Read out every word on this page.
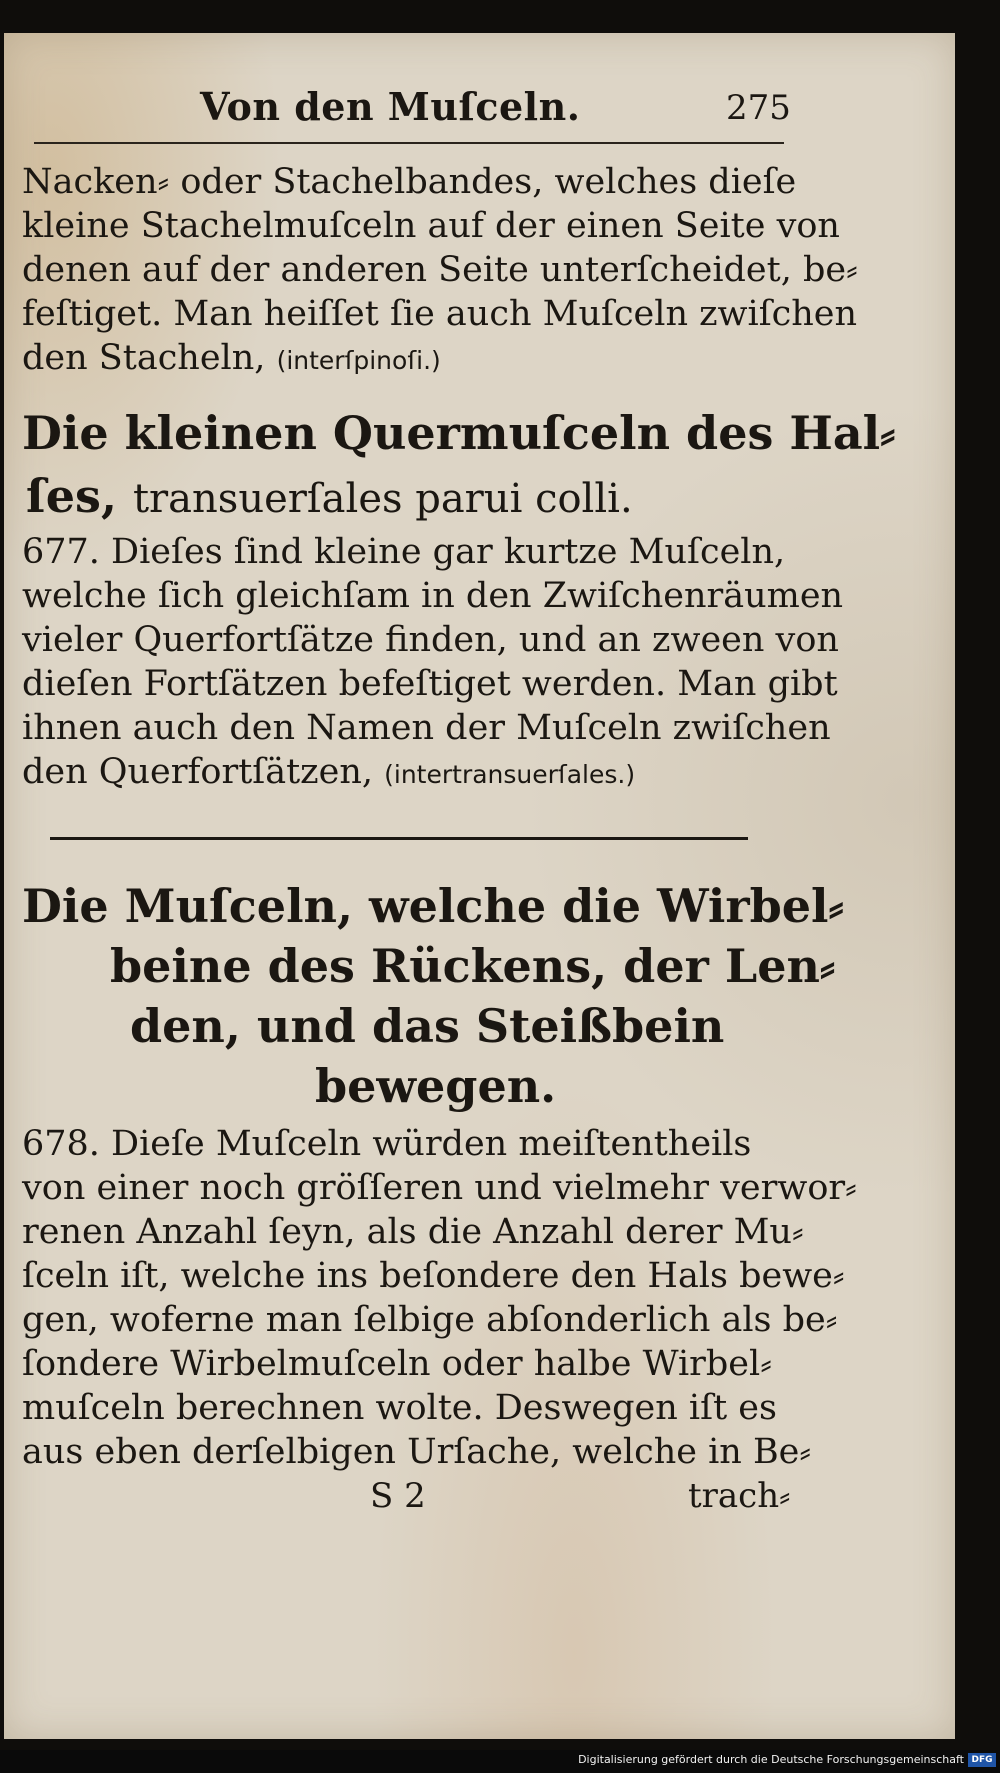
Von den Muſceln.	275
Nacken⸗ oder Stachelbandes, welches dieſe
kleine Stachelmuſceln auf der einen Seite von
denen auf der anderen Seite unterſcheidet, be⸗
feſtiget. Man heiſſet ſie auch Muſceln zwiſchen
den Stacheln, (interſpinoſi.)
Die kleinen Quermuſceln des Hal⸗
ſes, transuerſales parui colli.
677. Dieſes ſind kleine gar kurtze Muſceln,
welche ſich gleichſam in den Zwiſchenräumen
vieler Querfortſätze finden, und an zween von
dieſen Fortſätzen befeſtiget werden. Man gibt
ihnen auch den Namen der Muſceln zwiſchen
den Querfortſätzen, (intertransuerſales.)
Die Muſceln, welche die Wirbel⸗
beine des Rückens, der Len⸗
den, und das Steißbein
bewegen.
678. Dieſe Muſceln würden meiſtentheils
von einer noch gröſſeren und vielmehr verwor⸗
renen Anzahl ſeyn, als die Anzahl derer Mu⸗
ſceln iſt, welche ins beſondere den Hals bewe⸗
gen, woferne man ſelbige abſonderlich als be⸗
ſondere Wirbelmuſceln oder halbe Wirbel⸗
muſceln berechnen wolte. Deswegen iſt es
aus eben derſelbigen Urſache, welche in Be⸗
S 2	trach⸗
Digitalisierung gefördert durch die Deutsche Forschungsgemeinschaft DFG
